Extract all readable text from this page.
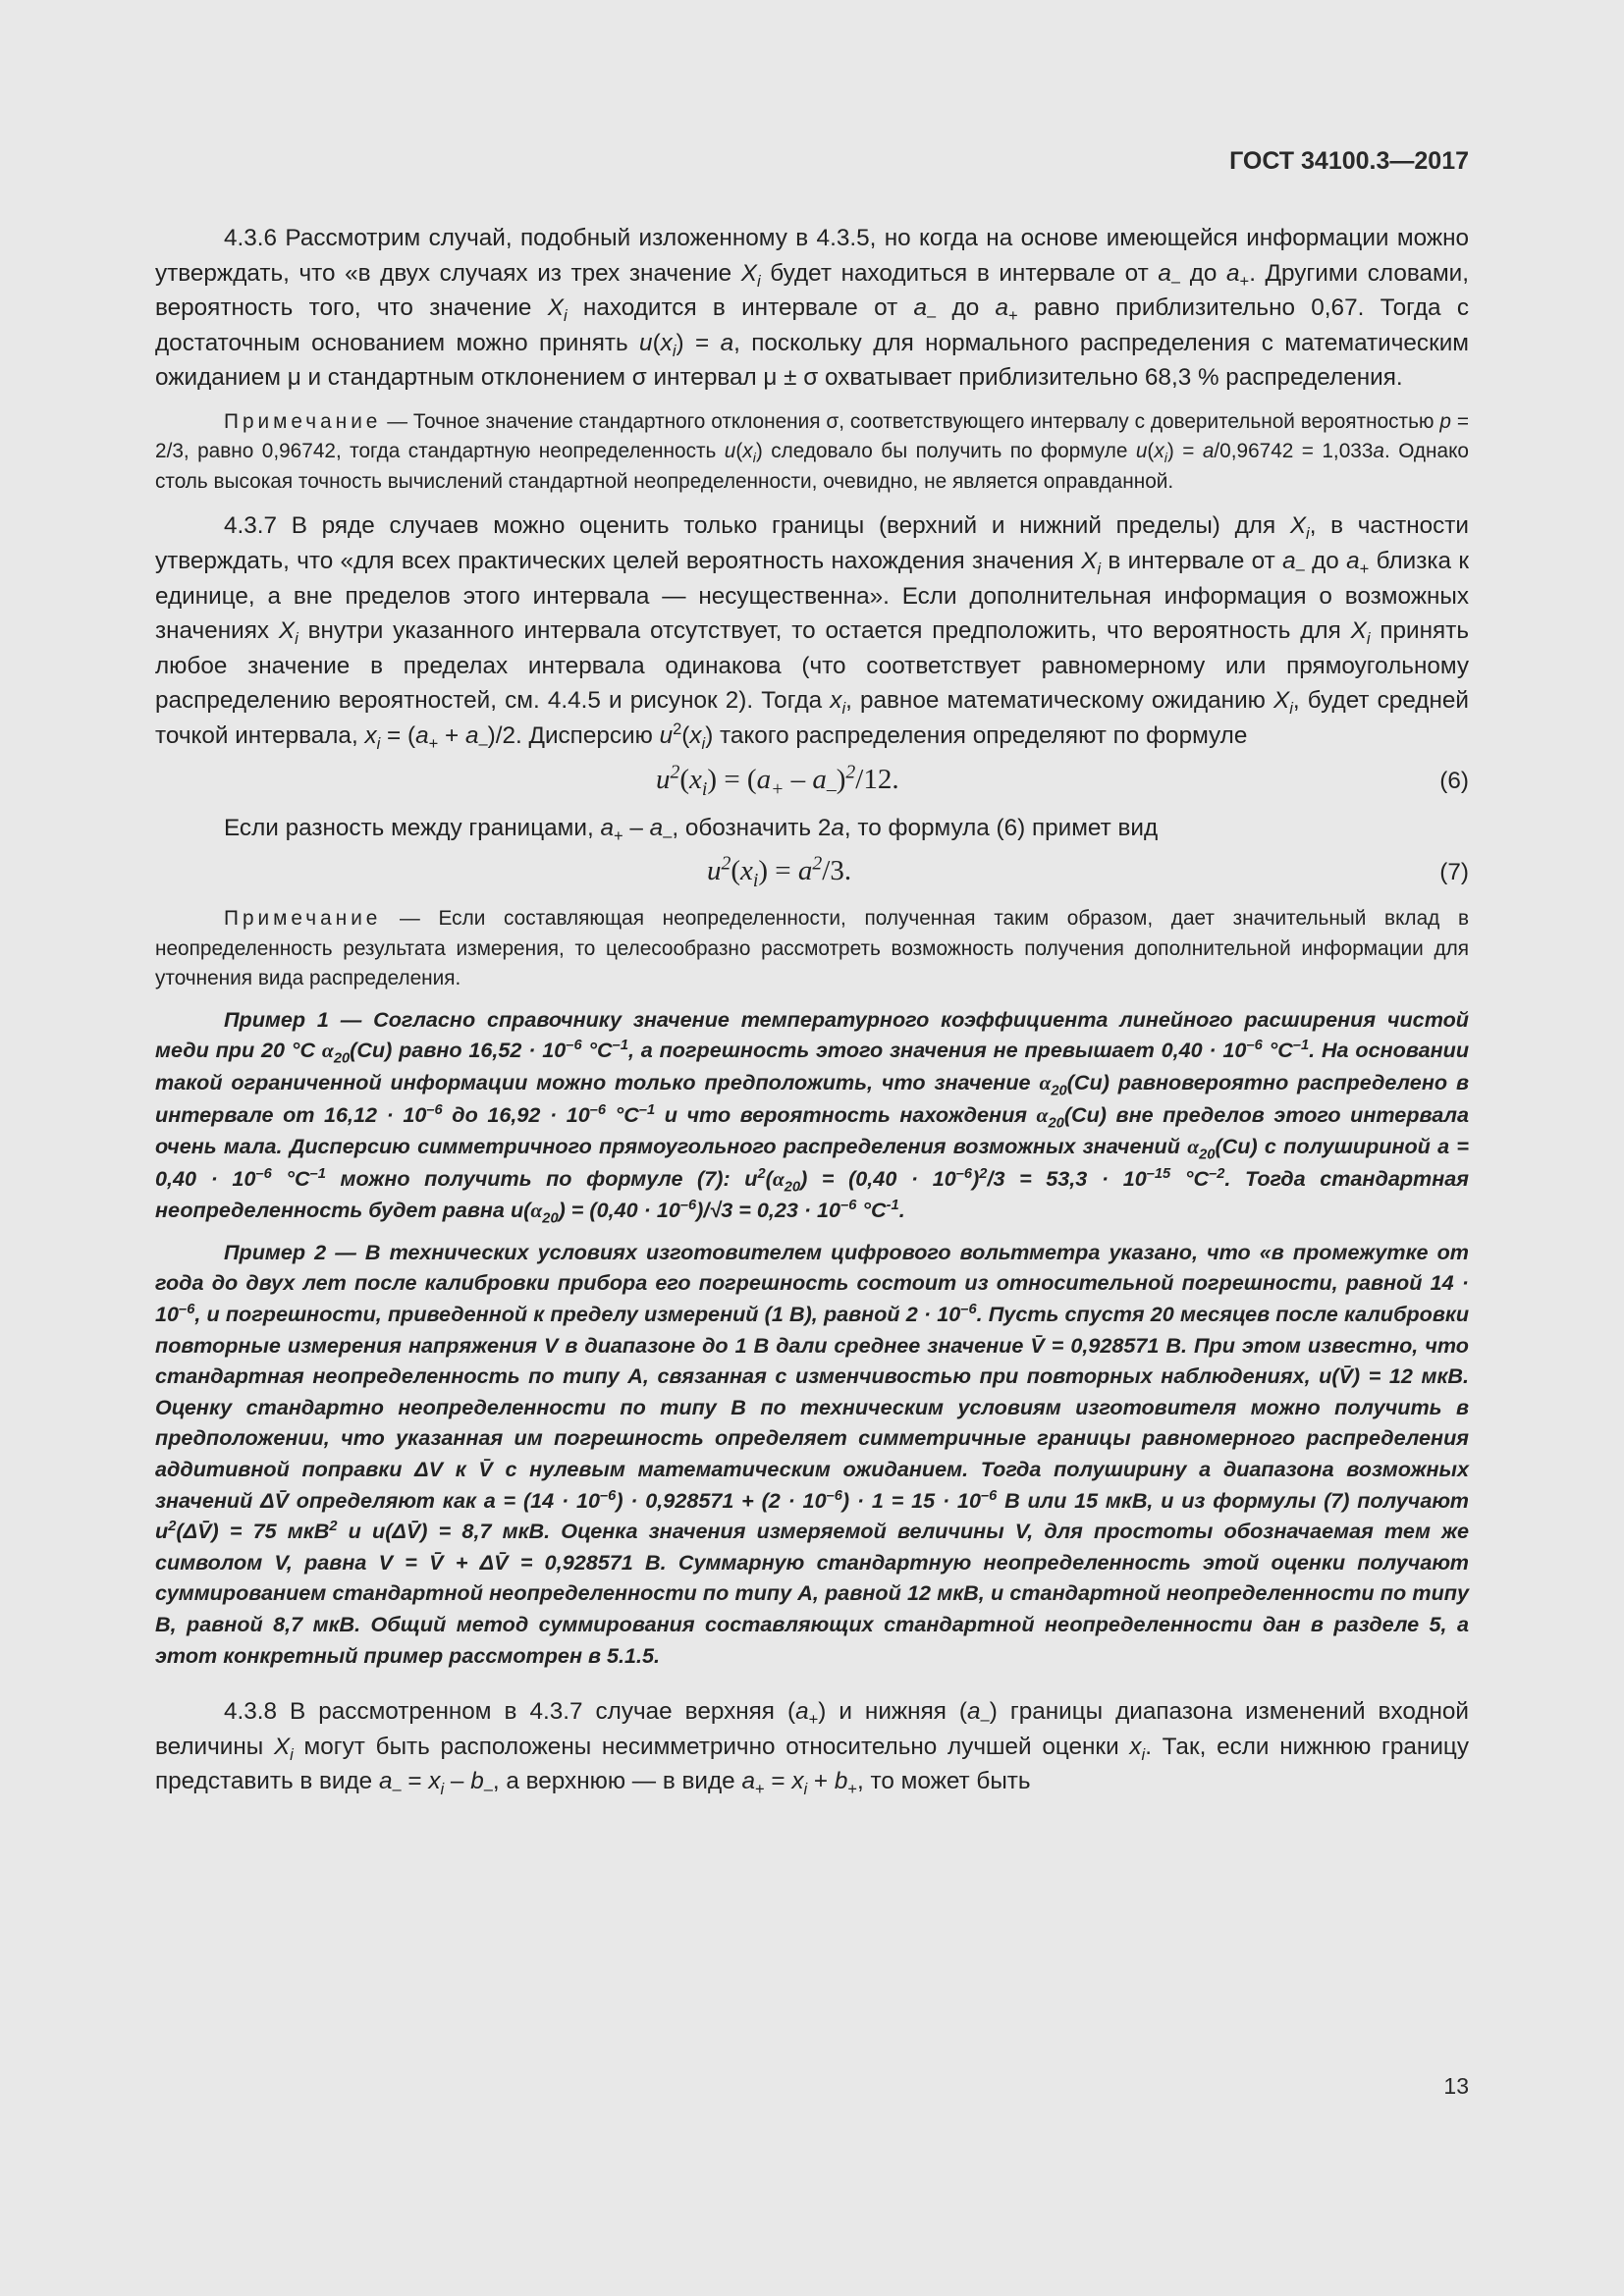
ГОСТ 34100.3—2017

4.3.6 Рассмотрим случай, подобный изложенному в 4.3.5, но когда на основе имеющейся информации можно утверждать, что «в двух случаях из трех значение $X_i$ будет находиться в интервале от $a_-$ до $a_+$. Другими словами, вероятность того, что значение $X_i$ находится в интервале от $a_-$ до $a_+$ равно приблизительно 0,67. Тогда с достаточным основанием можно принять $u(x_i) = a$, поскольку для нормального распределения с математическим ожиданием μ и стандартным отклонением σ интервал μ ± σ охватывает приблизительно 68,3 % распределения.

Примечание — Точное значение стандартного отклонения σ, соответствующего интервалу с доверительной вероятностью p = 2/3, равно 0,96742, тогда стандартную неопределенность $u(x_i)$ следовало бы получить по формуле $u(x_i) = a/0,96742 = 1,033a$. Однако столь высокая точность вычислений стандартной неопределенности, очевидно, не является оправданной.

4.3.7 В ряде случаев можно оценить только границы (верхний и нижний пределы) для $X_i$, в частности утверждать, что «для всех практических целей вероятность нахождения значения $X_i$ в интервале от $a_-$ до $a_+$ близка к единице, а вне пределов этого интервала — несущественна». Если дополнительная информация о возможных значениях $X_i$ внутри указанного интервала отсутствует, то остается предположить, что вероятность для $X_i$ принять любое значение в пределах интервала одинакова (что соответствует равномерному или прямоугольному распределению вероятностей, см. 4.4.5 и рисунок 2). Тогда $x_i$, равное математическому ожиданию $X_i$, будет средней точкой интервала, $x_i = (a_+ + a_-)/2$. Дисперсию $u^2(x_i)$ такого распределения определяют по формуле

$u^2(x_i) = (a_+ - a_-)^2/12$.	(6)

Если разность между границами, $a_+ - a_-$, обозначить 2a, то формула (6) примет вид

$u^2(x_i) = a^2/3$.	(7)

Примечание — Если составляющая неопределенности, полученная таким образом, дает значительный вклад в неопределенность результата измерения, то целесообразно рассмотреть возможность получения дополнительной информации для уточнения вида распределения.

Пример 1 — Согласно справочнику значение температурного коэффициента линейного расширения чистой меди при 20 °С $\alpha_{20}(Cu)$ равно $16,52 \cdot 10^{-6}$ $^\circ C^{-1}$, а погрешность этого значения не превышает $0,40 \cdot 10^{-6}$ $^\circ C^{-1}$. На основании такой ограниченной информации можно только предположить, что значение $\alpha_{20}(Cu)$ равновероятно распределено в интервале от $16,12 \cdot 10^{-6}$ до $16,92 \cdot 10^{-6}$ $^\circ C^{-1}$ и что вероятность нахождения $\alpha_{20}(Cu)$ вне пределов этого интервала очень мала. Дисперсию симметричного прямоугольного распределения возможных значений $\alpha_{20}(Cu)$ с полушириной $a = 0,40 \cdot 10^{-6}$ $^\circ C^{-1}$ можно получить по формуле (7): $u^2(\alpha_{20}) = (0,40 \cdot 10^{-6})^2/3 = 53,3 \cdot 10^{-15}$ $^\circ C^{-2}$. Тогда стандартная неопределенность будет равна $u(\alpha_{20}) = (0,40 \cdot 10^{-6})/√3 = 0,23 \cdot 10^{-6}$ $^\circ C^{-1}$.

Пример 2 — В технических условиях изготовителем цифрового вольтметра указано, что «в промежутке от года до двух лет после калибровки прибора его погрешность состоит из относительной погрешности, равной $14 \cdot 10^{-6}$, и погрешности, приведенной к пределу измерений (1 В), равной $2 \cdot 10^{-6}$. Пусть спустя 20 месяцев после калибровки повторные измерения напряжения V в диапазоне до 1 В дали среднее значение V̄ = 0,928571 В. При этом известно, что стандартная неопределенность по типу А, связанная с изменчивостью при повторных наблюдениях, u(V̄) = 12 мкВ. Оценку стандартно неопределенности по типу В по техническим условиям изготовителя можно получить в предположении, что указанная им погрешность определяет симметричные границы равномерного распределения аддитивной поправки ΔV к V̄ с нулевым математическим ожиданием. Тогда полуширину a диапазона возможных значений ΔV̄ определяют как $a = (14 \cdot 10^{-6}) \cdot 0,928571 + (2 \cdot 10^{-6}) \cdot 1 = 15 \cdot 10^{-6}$ В или 15 мкВ, и из формулы (7) получают $u^2(\Delta V̄) = 75$ мкВ$^2$ и u(ΔV̄) = 8,7 мкВ. Оценка значения измеряемой величины V, для простоты обозначаемая тем же символом V, равна V = V̄ + ΔV̄ = 0,928571 В. Суммарную стандартную неопределенность этой оценки получают суммированием стандартной неопределенности по типу А, равной 12 мкВ, и стандартной неопределенности по типу В, равной 8,7 мкВ. Общий метод суммирования составляющих стандартной неопределенности дан в разделе 5, а этот конкретный пример рассмотрен в 5.1.5.

4.3.8 В рассмотренном в 4.3.7 случае верхняя $(a_+)$ и нижняя $(a_-)$ границы диапазона изменений входной величины $X_i$ могут быть расположены несимметрично относительно лучшей оценки $x_i$. Так, если нижнюю границу представить в виде $a_- = x_i - b_-$, а верхнюю — в виде $a_+ = x_i + b_+$, то может быть

13
